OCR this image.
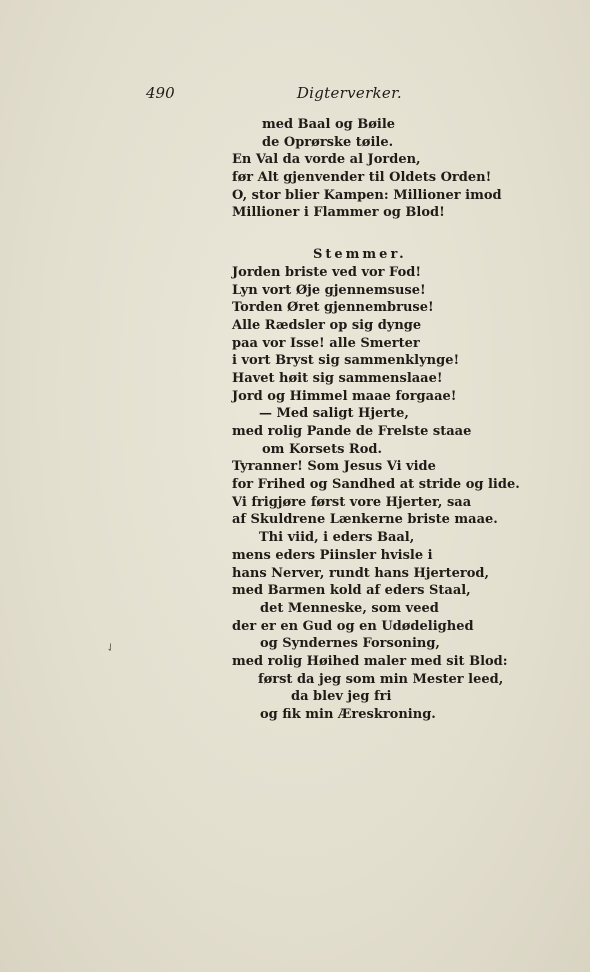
490	Digterverker.
✓
med Baal og Bøile
de Oprørske tøile.
En Val da vorde al Jorden,
før Alt gjenvender til Oldets Orden!
O, stor blier Kampen: Millioner imod
Millioner i Flammer og Blod!
Stemmer.
Jorden briste ved vor Fod!
Lyn vort Øje gjennemsuse!
Torden Øret gjennembruse!
Alle Rædsler op sig dynge
paa vor Isse! alle Smerter
i vort Bryst sig sammenklynge!
Havet høit sig sammenslaae!
Jord og Himmel maae forgaae!
— Med saligt Hjerte,
med rolig Pande de Frelste staae
om Korsets Rod.
Tyranner! Som Jesus Vi vide
for Frihed og Sandhed at stride og lide.
Vi frigjøre først vore Hjerter, saa
af Skuldrene Lænkerne briste maae.
Thi viid, i eders Baal,
mens eders Piinsler hvisle i
hans Nerver, rundt hans Hjerterod,
med Barmen kold af eders Staal,
det Menneske, som veed
der er en Gud og en Udødelighed
og Syndernes Forsoning,
med rolig Høihed maler med sit Blod:
først da jeg som min Mester leed,
da blev jeg fri
og fik min Æreskroning.
